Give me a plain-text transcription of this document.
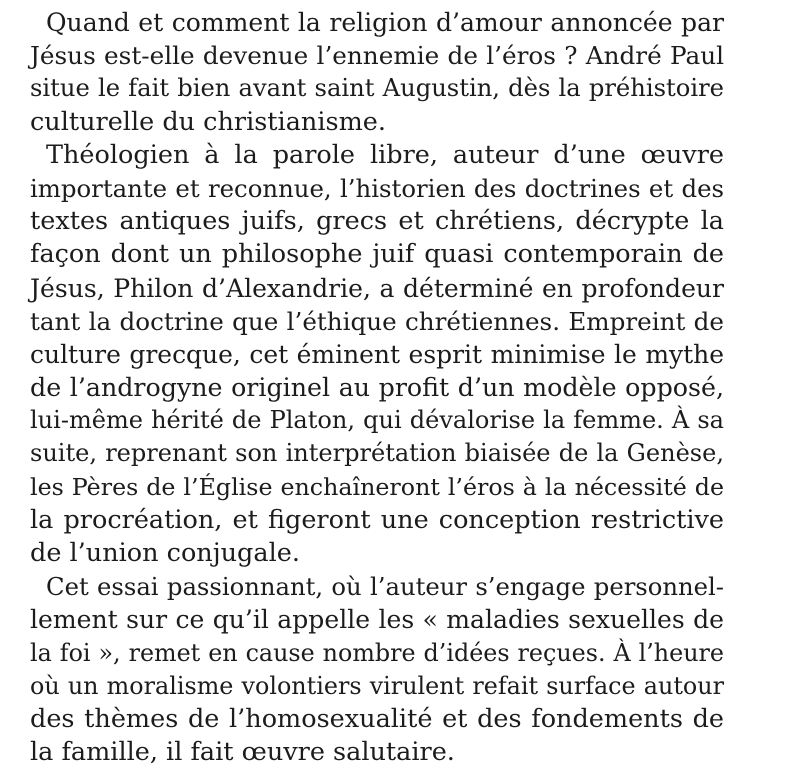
Quand et comment la religion d’amour annoncée par
Jésus est-elle devenue l’ennemie de l’éros ? André Paul
situe le fait bien avant saint Augustin, dès la préhistoire
culturelle du christianisme.
Théologien à la parole libre, auteur d’une œuvre
importante et reconnue, l’historien des doctrines et des
textes antiques juifs, grecs et chrétiens, décrypte la
façon dont un philosophe juif quasi contemporain de
Jésus, Philon d’Alexandrie, a déterminé en profondeur
tant la doctrine que l’éthique chrétiennes. Empreint de
culture grecque, cet éminent esprit minimise le mythe
de l’androgyne originel au profit d’un modèle opposé,
lui-même hérité de Platon, qui dévalorise la femme. À sa
suite, reprenant son interprétation biaisée de la Genèse,
les Pères de l’Église enchaîneront l’éros à la nécessité de
la procréation, et figeront une conception restrictive
de l’union conjugale.
Cet essai passionnant, où l’auteur s’engage personnel-
lement sur ce qu’il appelle les « maladies sexuelles de
la foi », remet en cause nombre d’idées reçues. À l’heure
où un moralisme volontiers virulent refait surface autour
des thèmes de l’homosexualité et des fondements de
la famille, il fait œuvre salutaire.
